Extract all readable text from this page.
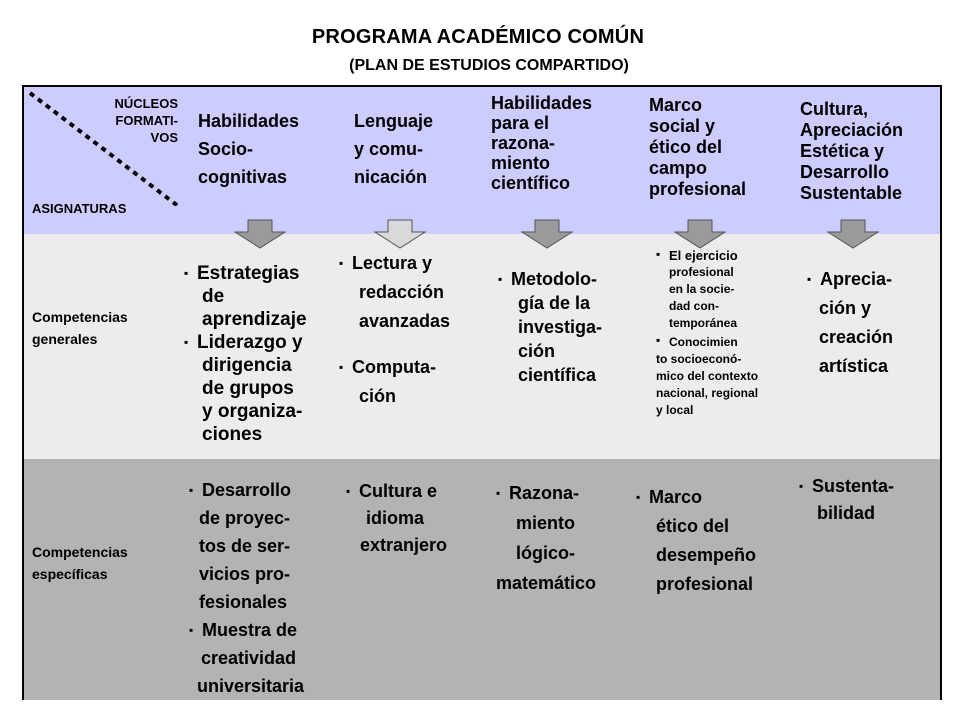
PROGRAMA ACADÉMICO COMÚN
(PLAN DE ESTUDIOS COMPARTIDO)
NÚCLEOS
FORMATI-
VOS
ASIGNATURAS
Competencias
generales
Competencias
específicas
Habilidades
Socio-
cognitivas
Lenguaje
y comu-
nicación
Habilidades
para el
razona-
miento
científico
Marco
social y
ético del
campo
profesional
Cultura,
Apreciación
Estética y
Desarrollo
Sustentable

▪ Estrategias

de

aprendizaje

▪ Liderazgo y

dirigencia

de grupos

y organiza-

ciones

▪ Lectura y

redacción

avanzadas

▪ Computa-

ción

▪ Metodolo-

gía de la

investiga-

ción

científica

▪ El ejercicio

profesional

en la socie-

dad con-

temporánea

▪ Conocimien

to socioeconó-

mico del contexto

nacional, regional

y local

▪ Aprecia-

ción y

creación

artística

▪ Desarrollo

de proyec-

tos de ser-

vicios pro-

fesionales

▪ Muestra de

creatividad

universitaria

▪ Cultura e

idioma

extranjero

▪ Razona-

miento

lógico-

matemático

▪ Marco

ético del

desempeño

profesional

▪ Sustenta-

bilidad
